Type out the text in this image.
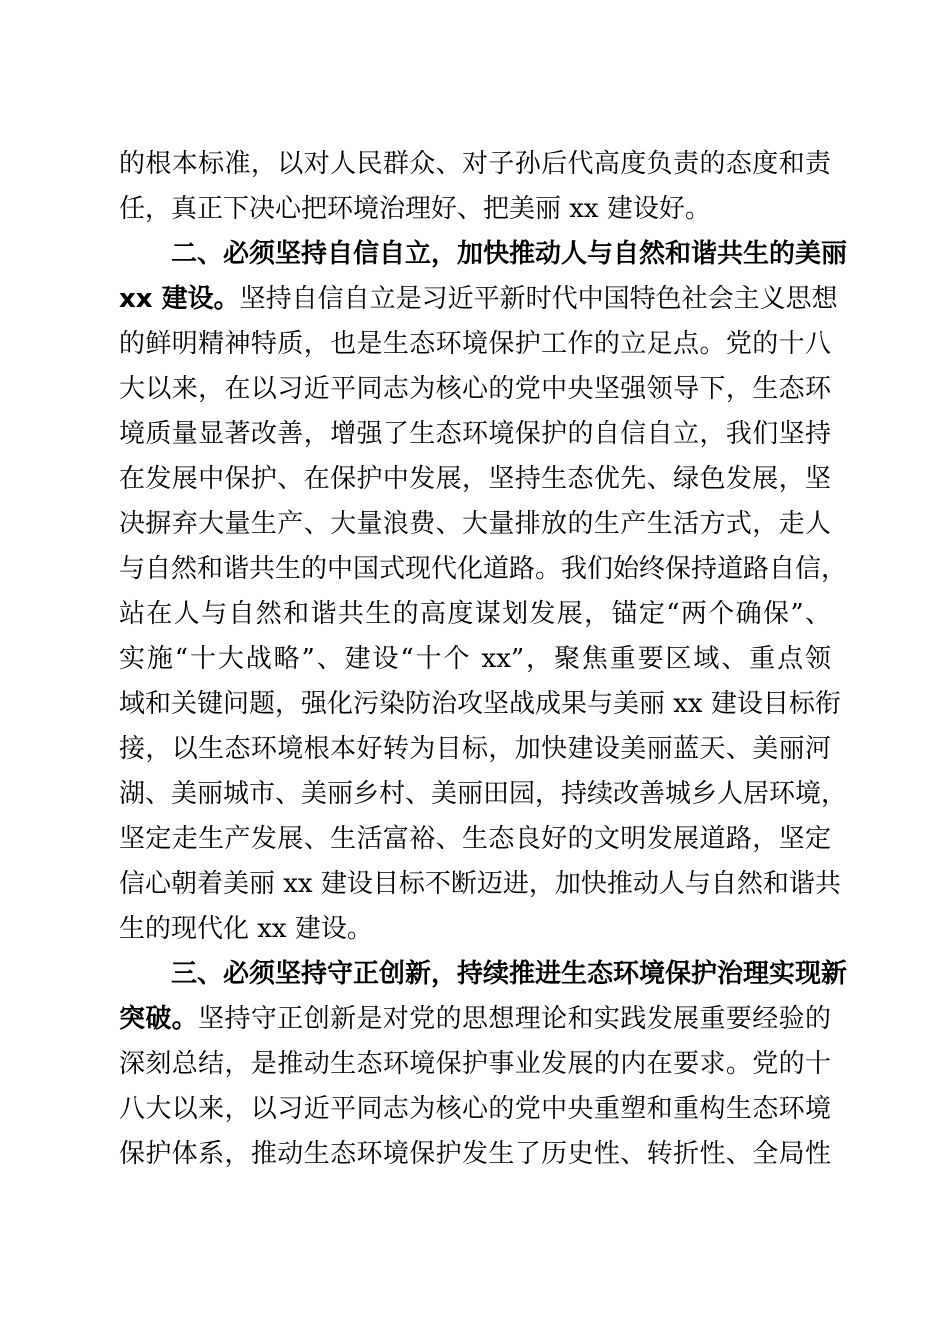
的根本标准，以对人民群众、对子孙后代高度负责的态度和责
任，真正下决心把环境治理好、把美丽 xx 建设好。
二、必须坚持自信自立，加快推动人与自然和谐共生的美丽
xx 建设。坚持自信自立是习近平新时代中国特色社会主义思想
的鲜明精神特质，也是生态环境保护工作的立足点。党的十八
大以来，在以习近平同志为核心的党中央坚强领导下，生态环
境质量显著改善，增强了生态环境保护的自信自立，我们坚持
在发展中保护、在保护中发展，坚持生态优先、绿色发展，坚
决摒弃大量生产、大量浪费、大量排放的生产生活方式，走人
与自然和谐共生的中国式现代化道路。我们始终保持道路自信，
站在人与自然和谐共生的高度谋划发展，锚定“两个确保”、
实施“十大战略”、建设“十个 xx”，聚焦重要区域、重点领
域和关键问题，强化污染防治攻坚战成果与美丽 xx 建设目标衔
接，以生态环境根本好转为目标，加快建设美丽蓝天、美丽河
湖、美丽城市、美丽乡村、美丽田园，持续改善城乡人居环境，
坚定走生产发展、生活富裕、生态良好的文明发展道路，坚定
信心朝着美丽 xx 建设目标不断迈进，加快推动人与自然和谐共
生的现代化 xx 建设。
三、必须坚持守正创新，持续推进生态环境保护治理实现新
突破。坚持守正创新是对党的思想理论和实践发展重要经验的
深刻总结，是推动生态环境保护事业发展的内在要求。党的十
八大以来，以习近平同志为核心的党中央重塑和重构生态环境
保护体系，推动生态环境保护发生了历史性、转折性、全局性
